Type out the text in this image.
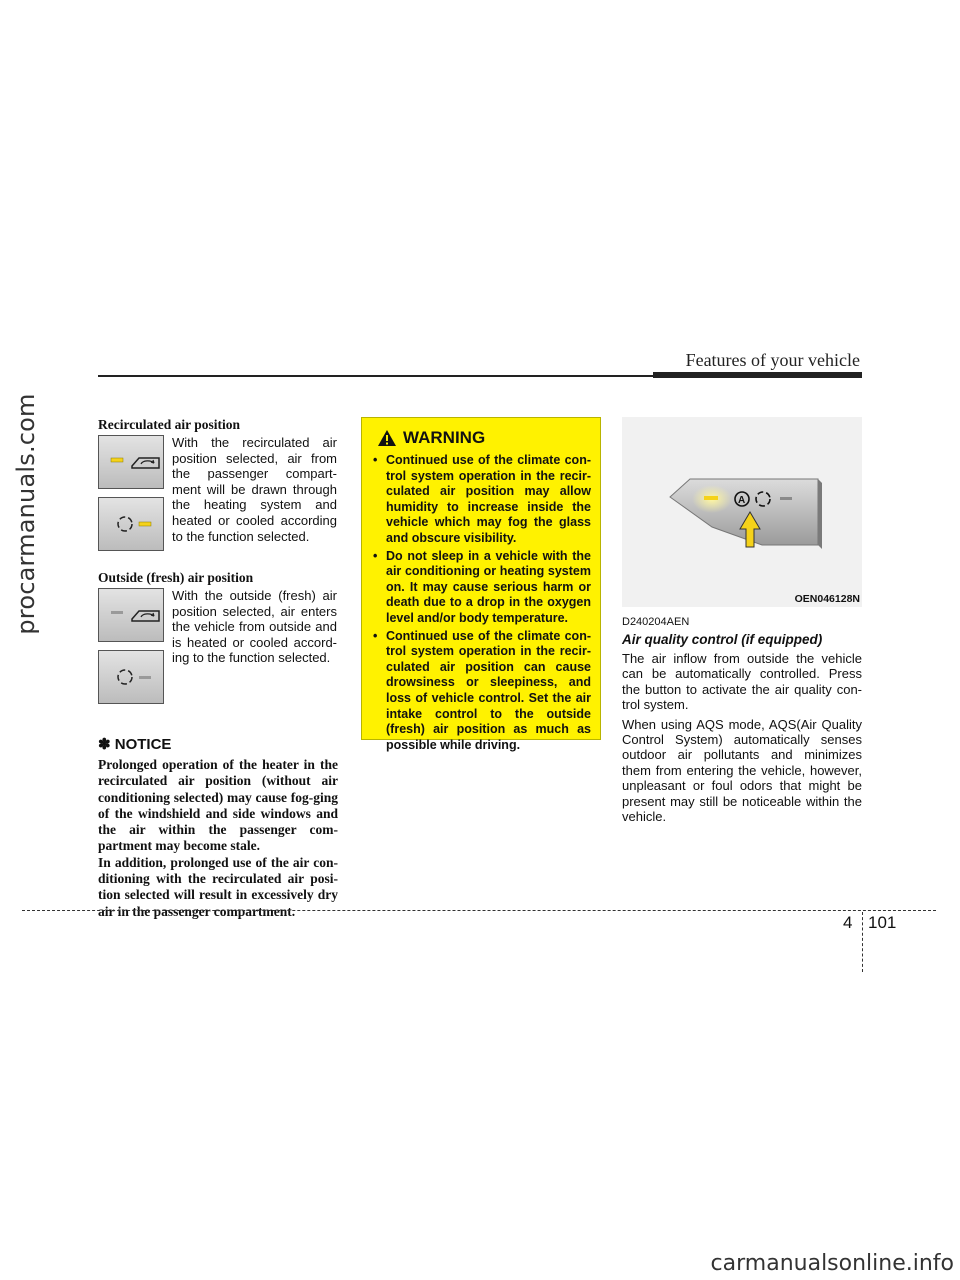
procarmanuals.com
carmanualsonline.info
Features of your vehicle

Recirculated air position

With the recirculated air position selected, air from the passenger compart-ment will be drawn through the heating system and heated or cooled according to the function selected.

Outside (fresh) air position

With the outside (fresh) air position selected, air enters the vehicle from outside and is heated or cooled accord-ing to the function selected.

✽ NOTICE

Prolonged operation of the heater in the recirculated air position (without air conditioning selected) may cause fog-ging of the windshield and side windows and the air within the passenger com-partment may become stale.

In addition, prolonged use of the air con-ditioning with the recirculated air posi-tion selected will result in excessively dry air in the passenger compartment.

WARNING
• Continued use of the climate con-trol system operation in the recir-culated air position may allow humidity to increase inside the vehicle which may fog the glass and obscure visibility.
• Do not sleep in a vehicle with the air conditioning or heating system on. It may cause serious harm or death due to a drop in the oxygen level and/or body temperature.
• Continued use of the climate con-trol system operation in the recir-culated air position can cause drowsiness or sleepiness, and loss of vehicle control. Set the air intake control to the outside (fresh) air position as much as possible while driving.
A
OEN046128N
D240204AEN
Air quality control (if equipped)

The air inflow from outside the vehicle can be automatically controlled. Press the button to activate the air quality con-trol system.

When using AQS mode, AQS(Air Quality Control System) automatically senses outdoor air pollutants and minimizes them from entering the vehicle, however, unpleasant or foul odors that might be present may still be noticeable within the vehicle.

4 101
